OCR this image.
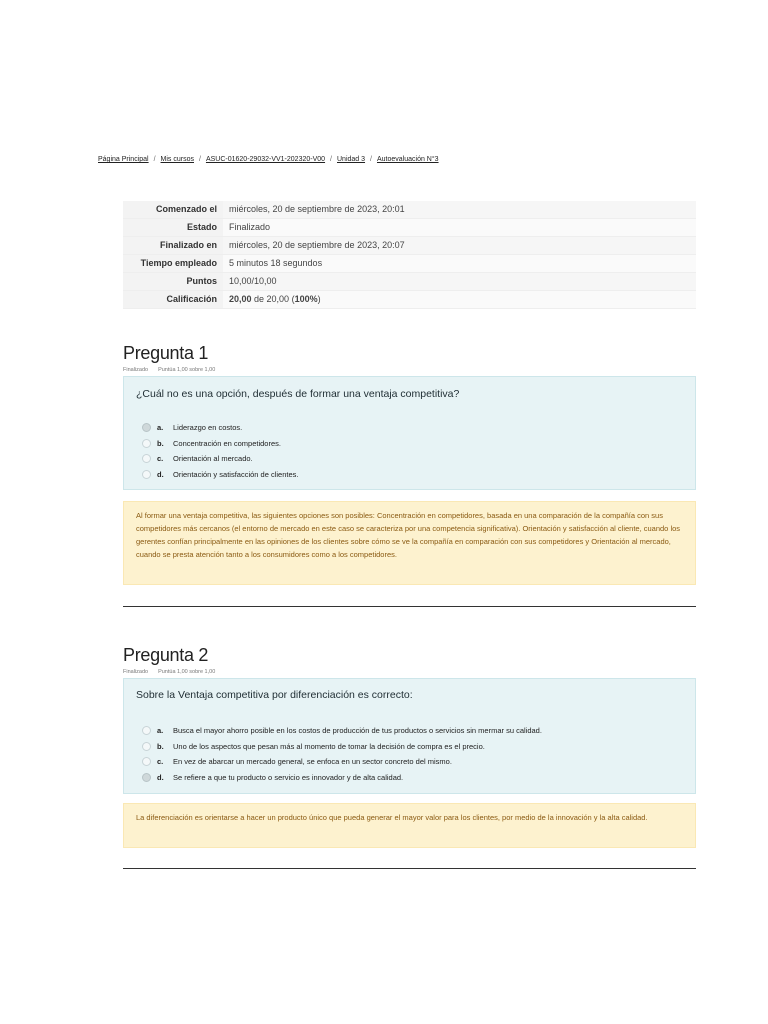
Página Principal / Mis cursos / ASUC-01620-29032-VV1-202320-V00 / Unidad 3 / Autoevaluación N°3
Comenzado el	miércoles, 20 de septiembre de 2023, 20:01
Estado	Finalizado
Finalizado en	miércoles, 20 de septiembre de 2023, 20:07
Tiempo empleado	5 minutos 18 segundos
Puntos	10,00/10,00
Calificación	20,00 de 20,00 (100%)
Pregunta 1
Finalizado Puntúa 1,00 sobre 1,00
¿Cuál no es una opción, después de formar una ventaja competitiva?
a.	Liderazgo en costos.
b.	Concentración en competidores.
c.	Orientación al mercado.
d.	Orientación y satisfacción de clientes.
Al formar una ventaja competitiva, las siguientes opciones son posibles: Concentración en competidores, basada en una comparación de la compañía con sus competidores más cercanos (el entorno de mercado en este caso se caracteriza por una competencia significativa). Orientación y satisfacción al cliente, cuando los gerentes confían principalmente en las opiniones de los clientes sobre cómo se ve la compañía en comparación con sus competidores y Orientación al mercado, cuando se presta atención tanto a los consumidores como a los competidores.
Pregunta 2
Finalizado Puntúa 1,00 sobre 1,00
Sobre la Ventaja competitiva por diferenciación es correcto:
a.	Busca el mayor ahorro posible en los costos de producción de tus productos o servicios sin mermar su calidad.
b.	Uno de los aspectos que pesan más al momento de tomar la decisión de compra es el precio.
c.	En vez de abarcar un mercado general, se enfoca en un sector concreto del mismo.
d.	Se refiere a que tu producto o servicio es innovador y de alta calidad.
La diferenciación es orientarse a hacer un producto único que pueda generar el mayor valor para los clientes, por medio de la innovación y la alta calidad.
